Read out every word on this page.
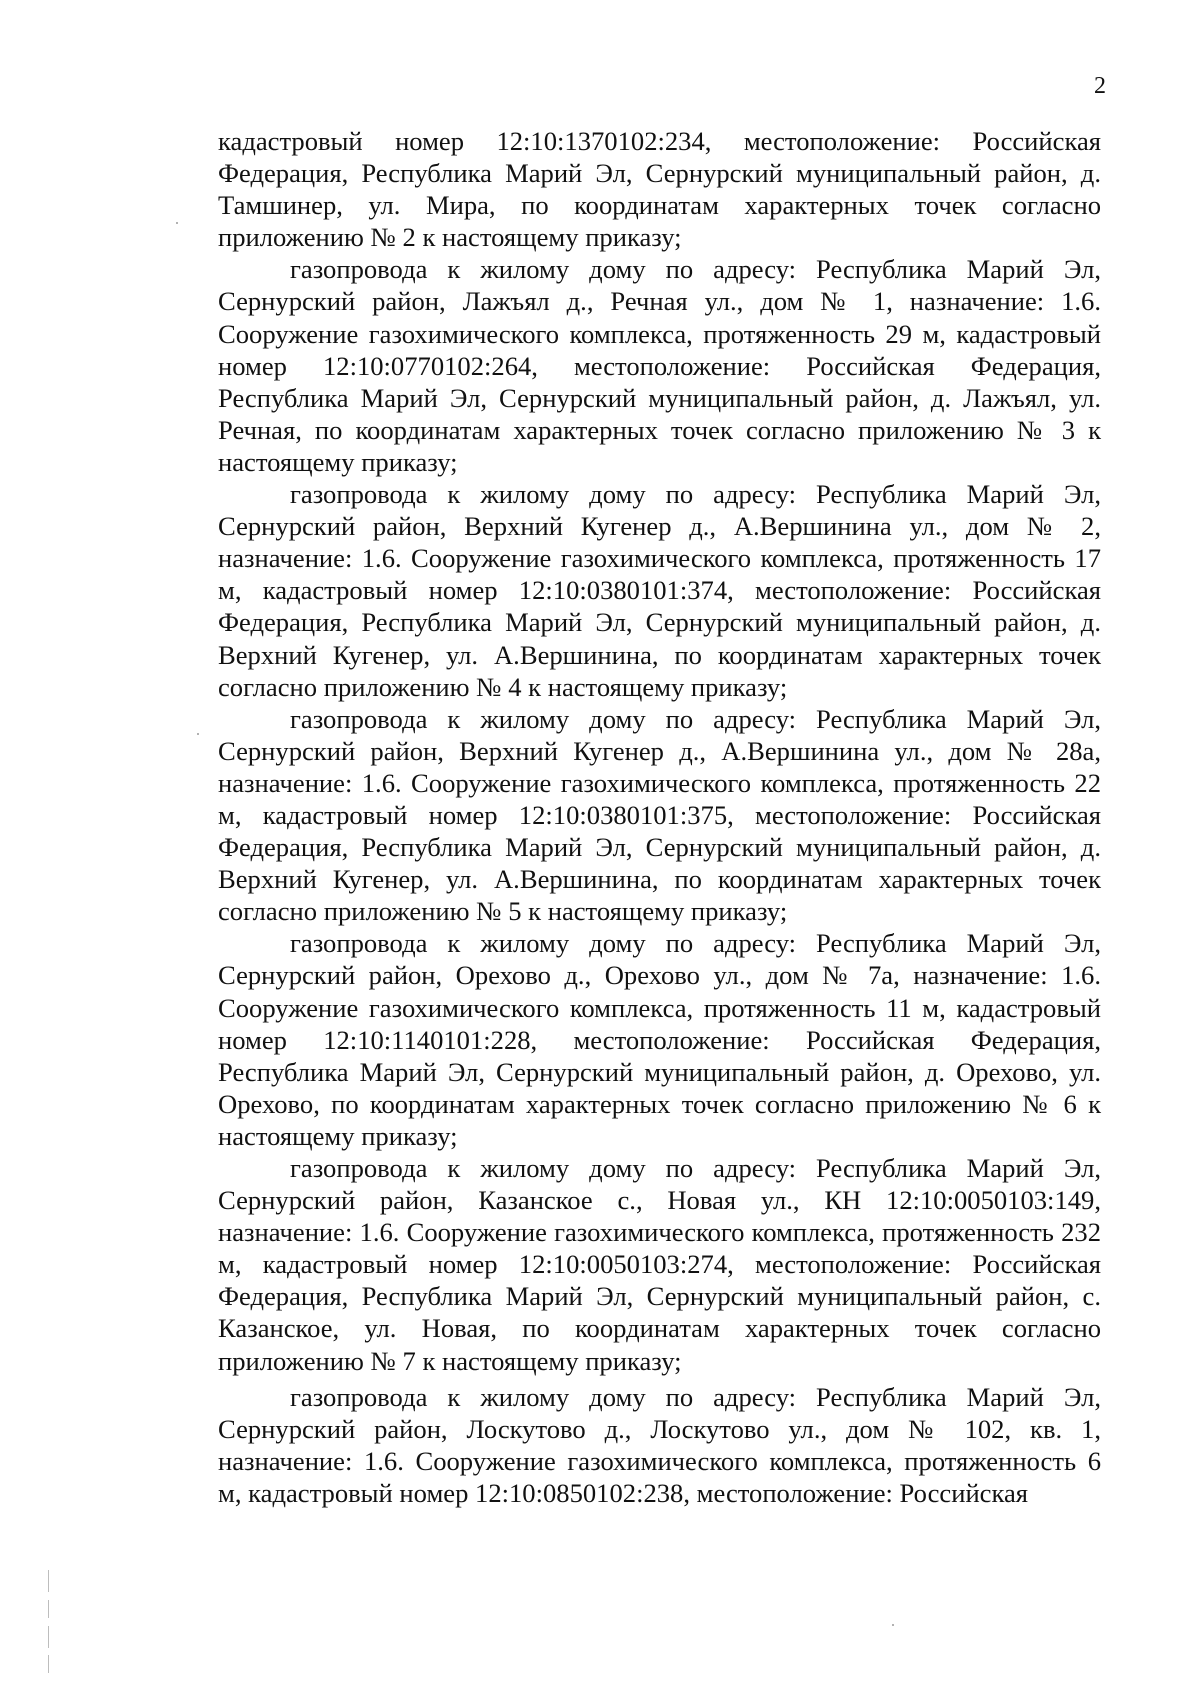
2

кадастровый номер 12:10:1370102:234, местоположение: Российская Федерация, Республика Марий Эл, Сернурский муниципальный район, д. Тамшинер, ул. Мира, по координатам характерных точек согласно приложению № 2 к настоящему приказу;

газопровода к жилому дому по адресу: Республика Марий Эл, Сернурский район, Лажъял д., Речная ул., дом № 1, назначение: 1.6. Сооружение газохимического комплекса, протяженность 29 м, кадастровый номер 12:10:0770102:264, местоположение: Российская Федерация, Республика Марий Эл, Сернурский муниципальный район, д. Лажъял, ул. Речная, по координатам характерных точек согласно приложению № 3 к настоящему приказу;

газопровода к жилому дому по адресу: Республика Марий Эл, Сернурский район, Верхний Кугенер д., А.Вершинина ул., дом № 2, назначение: 1.6. Сооружение газохимического комплекса, протяженность 17 м, кадастровый номер 12:10:0380101:374, местоположение: Российская Федерация, Республика Марий Эл, Сернурский муниципальный район, д. Верхний Кугенер, ул. А.Вершинина, по координатам характерных точек согласно приложению № 4 к настоящему приказу;

газопровода к жилому дому по адресу: Республика Марий Эл, Сернурский район, Верхний Кугенер д., А.Вершинина ул., дом № 28а, назначение: 1.6. Сооружение газохимического комплекса, протяженность 22 м, кадастровый номер 12:10:0380101:375, местоположение: Российская Федерация, Республика Марий Эл, Сернурский муниципальный район, д. Верхний Кугенер, ул. А.Вершинина, по координатам характерных точек согласно приложению № 5 к настоящему приказу;

газопровода к жилому дому по адресу: Республика Марий Эл, Сернурский район, Орехово д., Орехово ул., дом № 7а, назначение: 1.6. Сооружение газохимического комплекса, протяженность 11 м, кадастровый номер 12:10:1140101:228, местоположение: Российская Федерация, Республика Марий Эл, Сернурский муниципальный район, д. Орехово, ул. Орехово, по координатам характерных точек согласно приложению № 6 к настоящему приказу;

газопровода к жилому дому по адресу: Республика Марий Эл, Сернурский район, Казанское с., Новая ул., КН 12:10:0050103:149, назначение: 1.6. Сооружение газохимического комплекса, протяженность 232 м, кадастровый номер 12:10:0050103:274, местоположение: Российская Федерация, Республика Марий Эл, Сернурский муниципальный район, с. Казанское, ул. Новая, по координатам характерных точек согласно приложению № 7 к настоящему приказу;

газопровода к жилому дому по адресу: Республика Марий Эл, Сернурский район, Лоскутово д., Лоскутово ул., дом № 102, кв. 1, назначение: 1.6. Сооружение газохимического комплекса, протяженность 6 м, кадастровый номер 12:10:0850102:238, местоположение: Российская
